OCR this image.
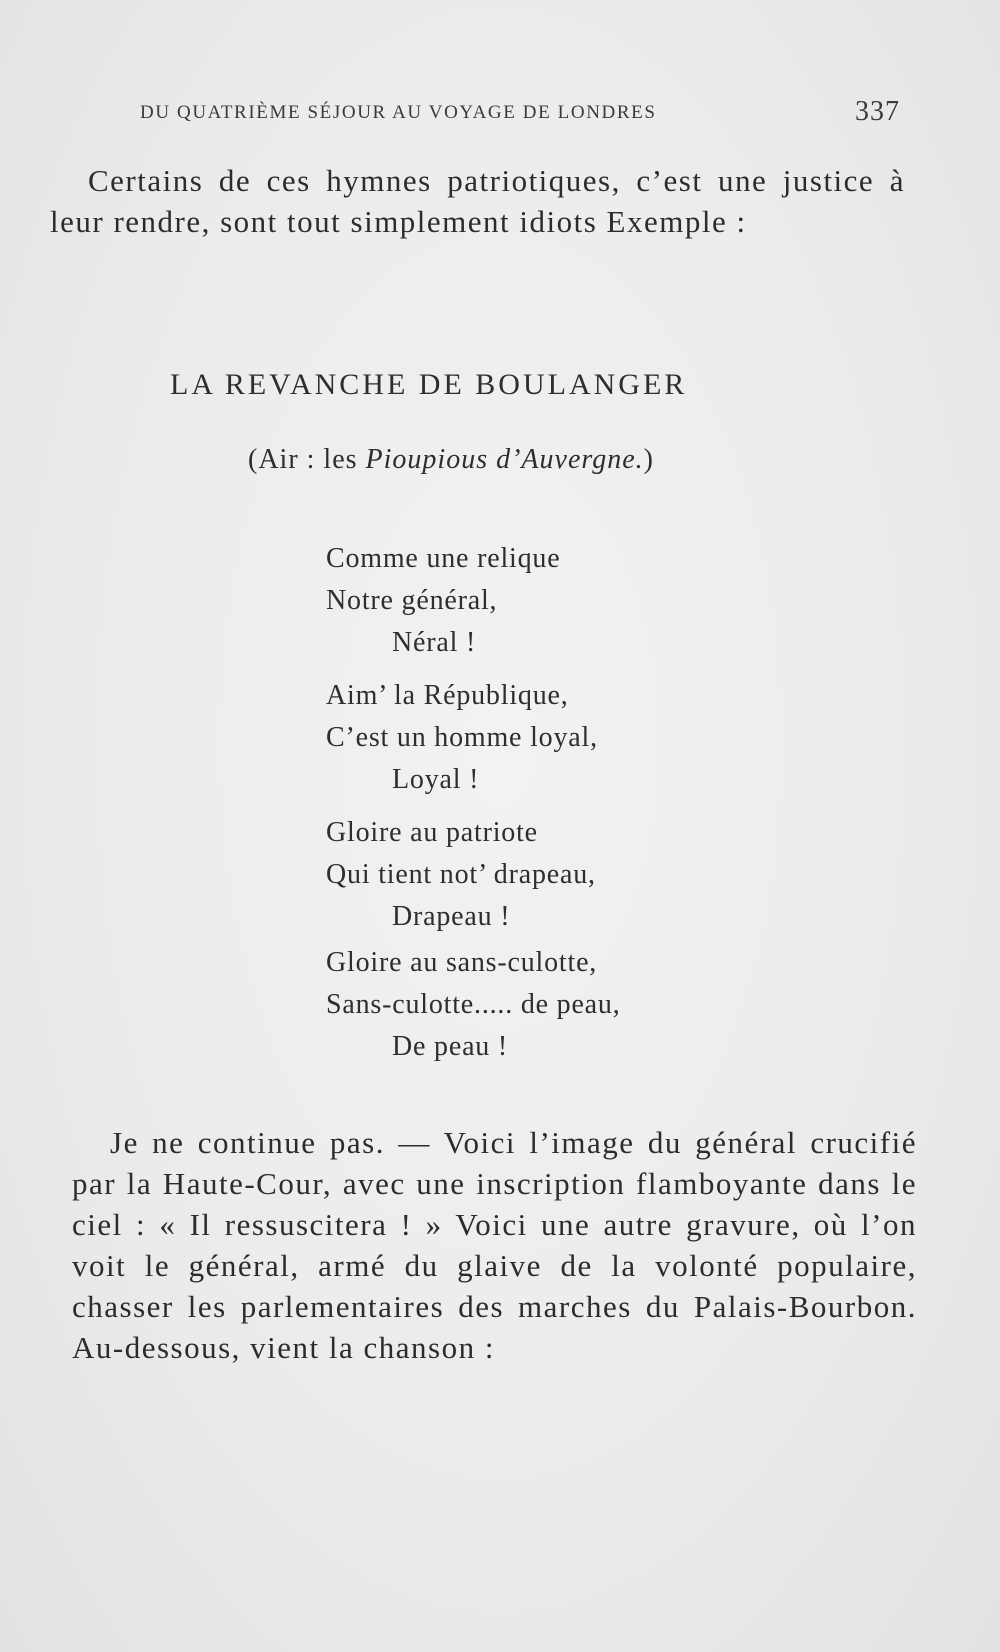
DU QUATRIÈME SÉJOUR AU VOYAGE DE LONDRES	337

Certains de ces hymnes patriotiques, c’est une justice à leur rendre, sont tout simplement idiots Exemple :

LA REVANCHE DE BOULANGER
(Air : les Pioupious d’Auvergne.)
Comme une relique
Notre général,
Néral !
Aim’ la République,
C’est un homme loyal,
Loyal !
Gloire au patriote
Qui tient not’ drapeau,
Drapeau !
Gloire au sans-culotte,
Sans-culotte..... de peau,
De peau !

Je ne continue pas. — Voici l’image du général crucifié par la Haute-Cour, avec une inscription flamboyante dans le ciel : « Il ressuscitera ! » Voici une autre gravure, où l’on voit le général, armé du glaive de la volonté populaire, chasser les parlementaires des marches du Palais-Bourbon. Au-dessous, vient la chanson :
